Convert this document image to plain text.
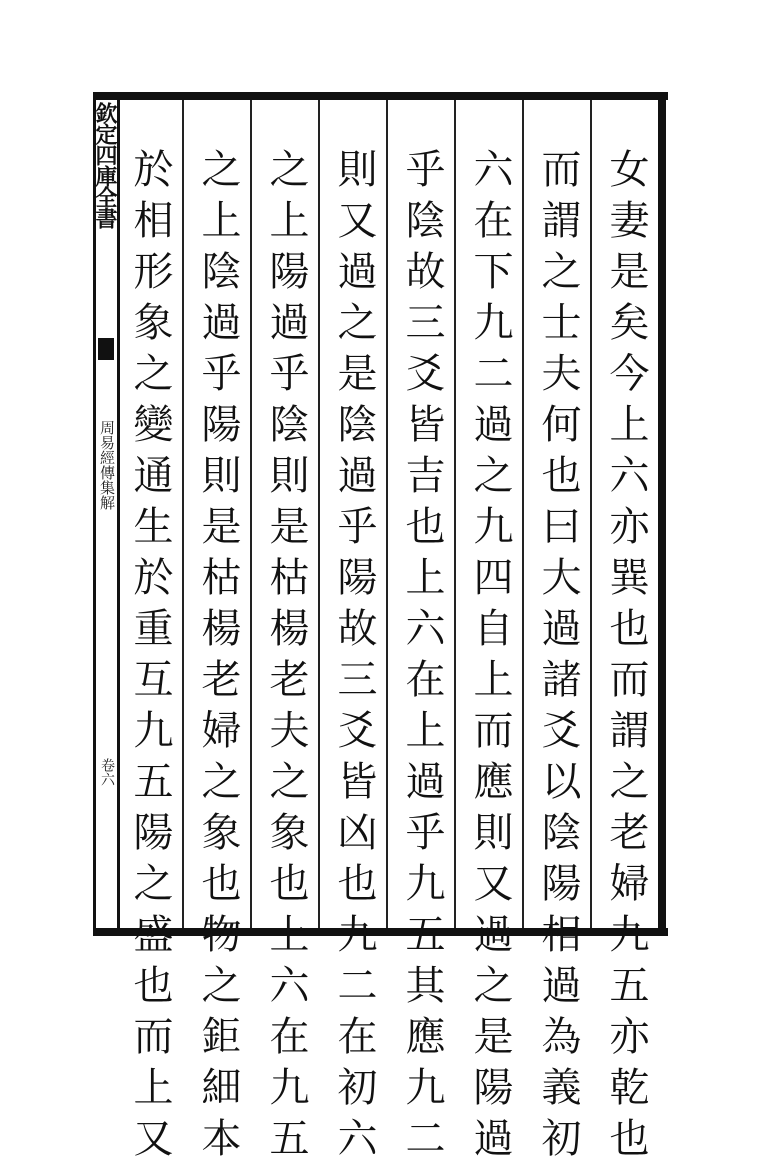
欽定四庫全書
周易經傳集解
卷六	女妻是矣今上六亦巽也而謂之老婦九五亦乾也
而謂之士夫何也曰大過諸爻以陰陽相過為義初
六在下九二過之九四自上而應則又過之是陽過
乎陰故三爻皆吉也上六在上過乎九五其應九二
則又過之是陰過乎陽故三爻皆凶也九二在初六
之上陽過乎陰則是枯楊老夫之象也上六在九五
之上陰過乎陽則是枯楊老婦之象也物之鉅細本
於相形象之變通生於重互九五陽之盛也而上又
